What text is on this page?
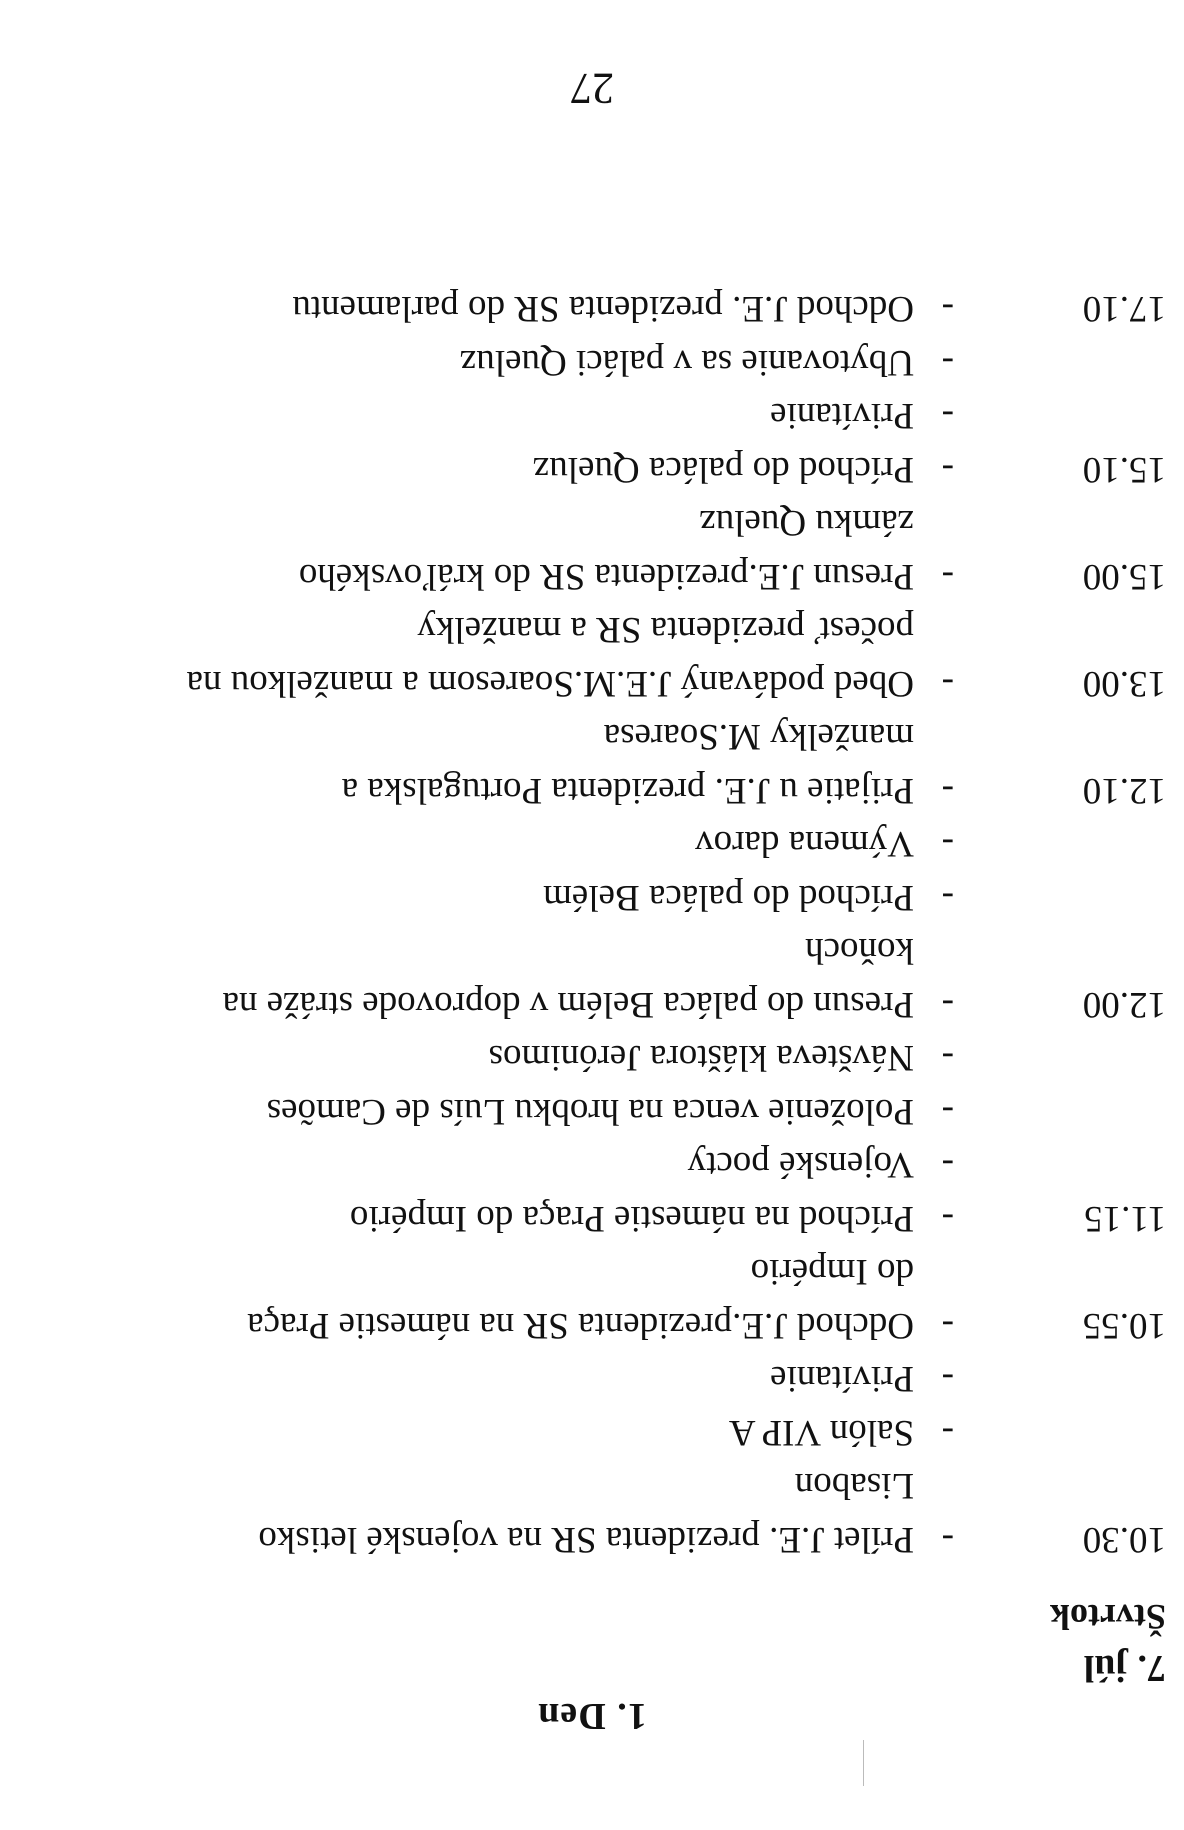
1. Den
7. júl
Štvrtok
10.30
-
Prílet J.E. prezidenta SR na vojenské letisko
Lisabon
-
Salón VIP A
-
Privítanie
10.55
-
Odchod J.E.prezidenta SR na námestie Praça
do Império
11.15
-
Príchod na námestie Praça do Império
-
Vojenské pocty
-
Položenie venca na hrobku Luís de Camões
-
Návšteva kláštora Jerónimos
12.00
-
Presun do paláca Belém v doprovode stráže na
koňoch
-
Príchod do paláca Belém
-
Výmena darov
12.10
-
Prijatie u J.E. prezidenta Portugalska a
manželky M.Soaresa
13.00
-
Obed podávaný J.E.M.Soaresom a manželkou na
počesť prezidenta SR a manželky
15.00
-
Presun J.E.prezidenta SR do kráľovského
zámku Queluz
15.10
-
Príchod do paláca Queluz
-
Privítanie
-
Ubytovanie sa v paláci Queluz
17.10
-
Odchod J.E. prezidenta SR do parlamentu
27
